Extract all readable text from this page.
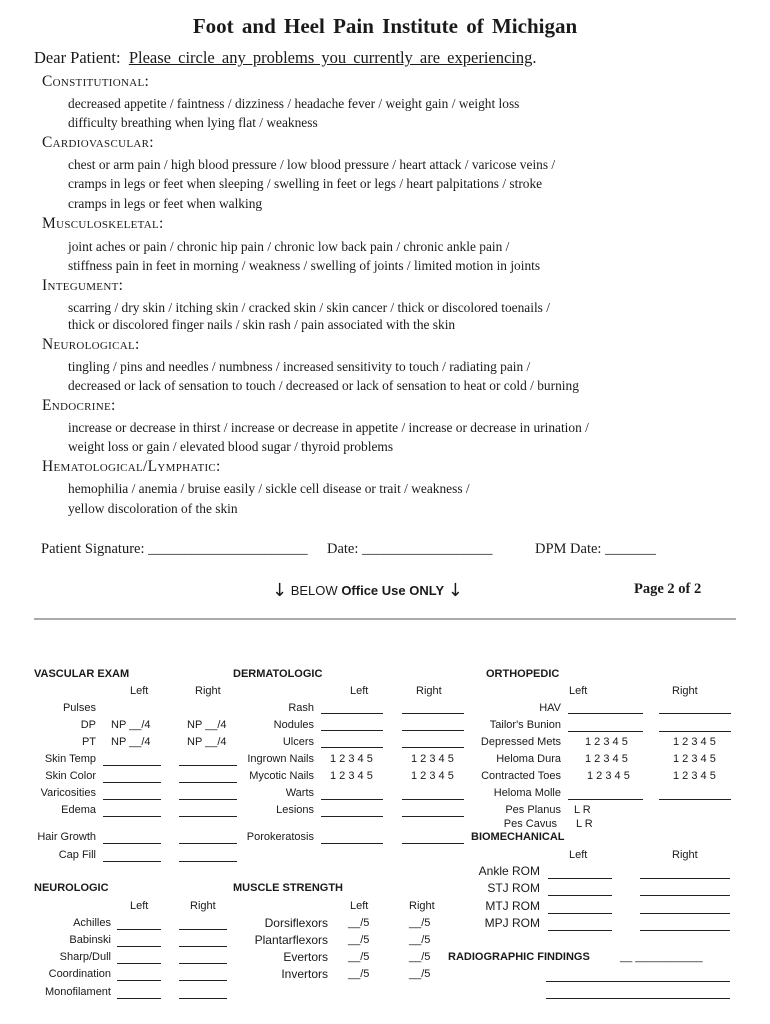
Foot and Heel Pain Institute of Michigan
Dear Patient: Please circle any problems you currently are experiencing.
Constitutional:
decreased appetite / faintness / dizziness / headache fever / weight gain / weight loss
difficulty breathing when lying flat / weakness
Cardiovascular:
chest or arm pain / high blood pressure / low blood pressure / heart attack / varicose veins /
cramps in legs or feet when sleeping / swelling in feet or legs / heart palpitations / stroke
cramps in legs or feet when walking
Musculoskeletal:
joint aches or pain / chronic hip pain / chronic low back pain / chronic ankle pain /
stiffness pain in feet in morning / weakness / swelling of joints / limited motion in joints
Integument:
scarring / dry skin / itching skin / cracked skin / skin cancer / thick or discolored toenails /
thick or discolored finger nails / skin rash / pain associated with the skin
Neurological:
tingling / pins and needles / numbness / increased sensitivity to touch / radiating pain /
decreased or lack of sensation to touch / decreased or lack of sensation to heat or cold / burning
Endocrine:
increase or decrease in thirst / increase or decrease in appetite / increase or decrease in urination /
weight loss or gain / elevated blood sugar / thyroid problems
Hematological/Lymphatic:
hemophilia / anemia / bruise easily / sickle cell disease or trait / weakness /
yellow discoloration of the skin
Patient Signature: ______________________ Date: __________________	DPM Date: _______
↓ BELOW Office Use ONLY ↓	Page 2 of 2
VASCULAR EXAM	DERMATOLOGIC	ORTHOPEDIC
Left	Right	Left	Right	Left	Right
Pulses
DP NP __/4	NP __/4
PT NP __/4	NP __/4
Skin Temp
Skin Color
Varicosities
Edema
Hair Growth
Cap Fill
Rash
Nodules
Ulcers
Ingrown Nails 1 2 3 4 5	1 2 3 4 5
Mycotic Nails 1 2 3 4 5	1 2 3 4 5
Warts
Lesions
Porokeratosis
HAV
Tailor's Bunion
Depressed Mets 1 2 3 4 5	1 2 3 4 5
Heloma Dura 1 2 3 4 5	1 2 3 4 5
Contracted Toes 1 2 3 4 5	1 2 3 4 5
Heloma Molle
Pes Planus L R
Pes Cavus L R
BIOMECHANICAL
Left	Right
Ankle ROM
STJ ROM
MTJ ROM
MPJ ROM
NEUROLOGIC
Left	Right
Achilles
Babinski
Sharp/Dull
Coordination
Monofilament
MUSCLE STRENGTH
Left	Right
Dorsiflexors __/5	__/5
Plantarflexors __/5	__/5
Evertors __/5	__/5
Invertors __/5	__/5
RADIOGRAPHIC FINDINGS	__ ___________
